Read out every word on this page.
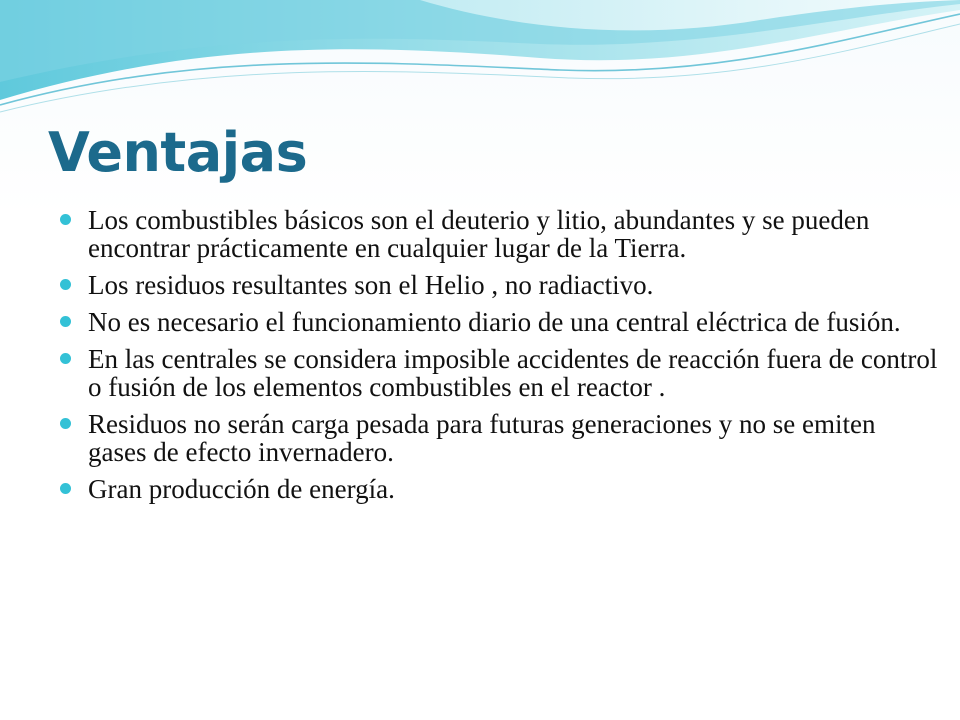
Ventajas
Los combustibles básicos son el deuterio y litio, abundantes y se pueden encontrar prácticamente en cualquier lugar de la Tierra.
Los residuos resultantes son el Helio , no radiactivo.
No es necesario el funcionamiento diario de una central eléctrica de fusión.
En las centrales se considera imposible accidentes de reacción fuera de control o fusión de los elementos combustibles en el reactor .
Residuos no serán carga pesada para futuras generaciones y no se emiten gases de efecto invernadero.
Gran producción de energía.
